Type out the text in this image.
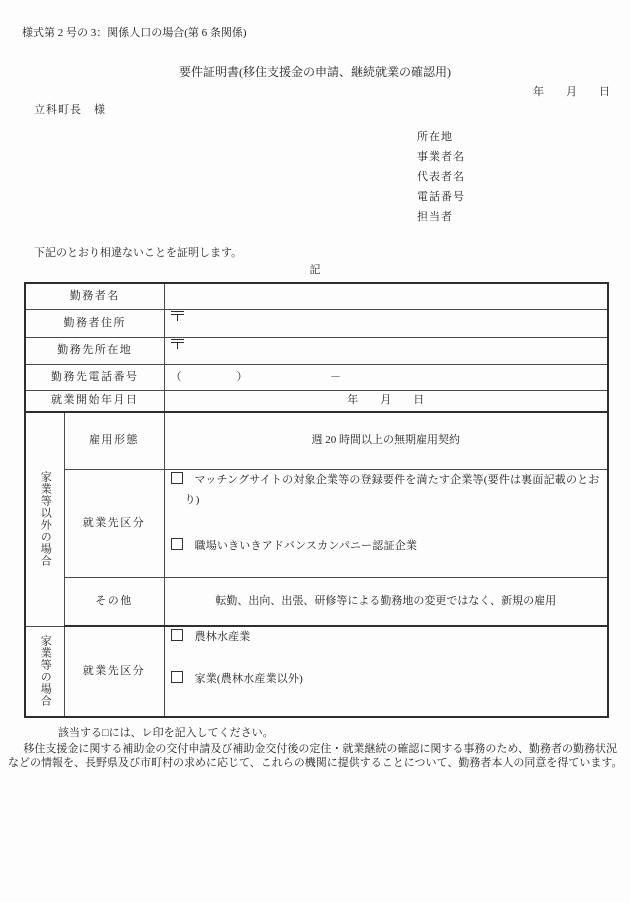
様式第 2 号の 3：関係人口の場合(第 6 条関係)
要件証明書(移住支援金の申請、継続就業の確認用)
年　　月　　日
立科町長　様
所在地
事業者名
代表者名
電話番号
担当者
下記のとおり相違ないことを証明します。
記
勤務者名		
勤務者住所		
勤務先所在地		
勤務先電話番号		（　　　　　）　　　　　　　　－
就業開始年月日		年　　月　　日
家業等以外の場合	雇用形態	週 20 時間以上の無期雇用契約
	就業先区分	マッチングサイトの対象企業等の登録要件を満たす企業等(要件は裏面記載のとおり)
職場いきいきアドバンスカンパニー認証企業

	その他	転勤、出向、出張、研修等による勤務地の変更ではなく、新規の雇用
家業等の場合	就業先区分	農林水産業
家業(農林水産業以外)
該当する□には、レ印を記入してください。
移住支援金に関する補助金の交付申請及び補助金交付後の定住・就業継続の確認に関する事務のため、勤務者の勤務状況などの情報を、長野県及び市町村の求めに応じて、これらの機関に提供することについて、勤務者本人の同意を得ています。
